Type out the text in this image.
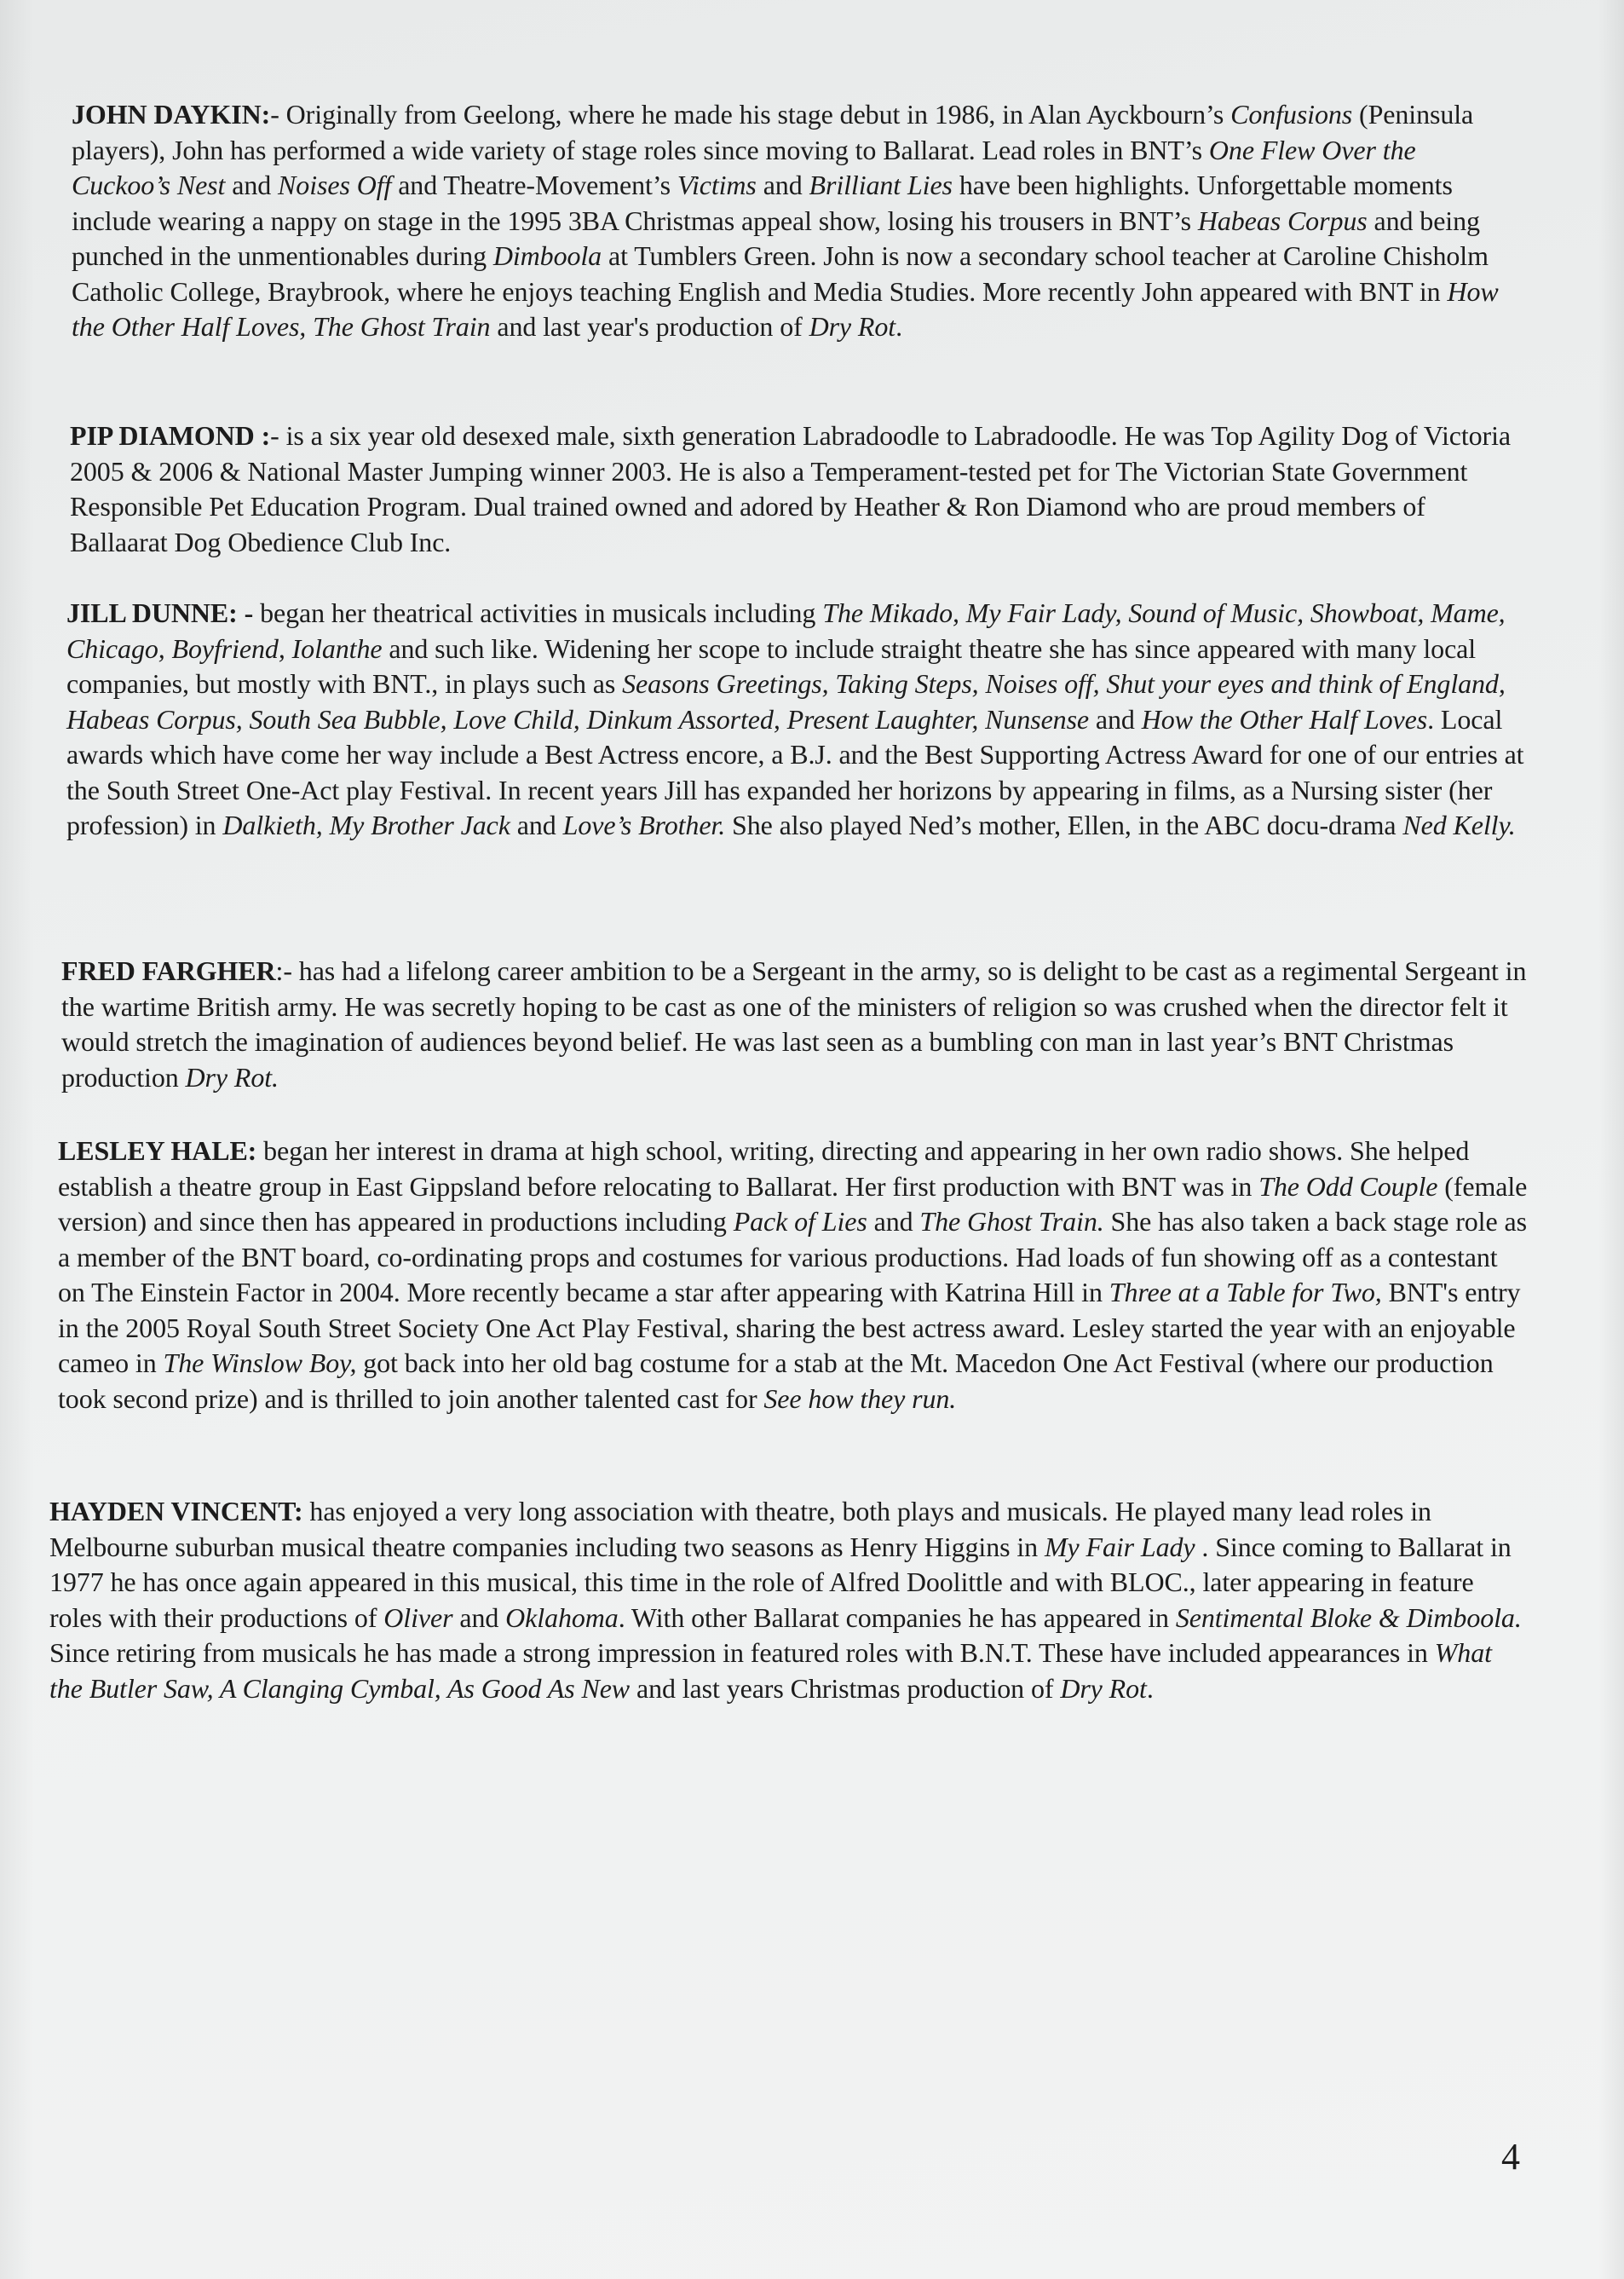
JOHN DAYKIN:- Originally from Geelong, where he made his stage debut in 1986, in Alan Ayckbourn’s Confusions (Peninsula players), John has performed a wide variety of stage roles since moving to Ballarat. Lead roles in BNT’s One Flew Over the Cuckoo’s Nest and Noises Off and Theatre-Movement’s Victims and Brilliant Lies have been highlights. Unforgettable moments include wearing a nappy on stage in the 1995 3BA Christmas appeal show, losing his trousers in BNT’s Habeas Corpus and being punched in the unmentionables during Dimboola at Tumblers Green. John is now a secondary school teacher at Caroline Chisholm Catholic College, Braybrook, where he enjoys teaching English and Media Studies. More recently John appeared with BNT in How the Other Half Loves, The Ghost Train and last year's production of Dry Rot.

PIP DIAMOND :- is a six year old desexed male, sixth generation Labradoodle to Labradoodle. He was Top Agility Dog of Victoria 2005 & 2006 & National Master Jumping winner 2003. He is also a Temperament-tested pet for The Victorian State Government Responsible Pet Education Program. Dual trained owned and adored by Heather & Ron Diamond who are proud members of Ballaarat Dog Obedience Club Inc.

JILL DUNNE: - began her theatrical activities in musicals including The Mikado, My Fair Lady, Sound of Music, Showboat, Mame, Chicago, Boyfriend, Iolanthe and such like. Widening her scope to include straight theatre she has since appeared with many local companies, but mostly with BNT., in plays such as Seasons Greetings, Taking Steps, Noises off, Shut your eyes and think of England, Habeas Corpus, South Sea Bubble, Love Child, Dinkum Assorted, Present Laughter, Nunsense and How the Other Half Loves. Local awards which have come her way include a Best Actress encore, a B.J. and the Best Supporting Actress Award for one of our entries at the South Street One-Act play Festival. In recent years Jill has expanded her horizons by appearing in films, as a Nursing sister (her profession) in Dalkieth, My Brother Jack and Love’s Brother. She also played Ned’s mother, Ellen, in the ABC docu-drama Ned Kelly.

FRED FARGHER:- has had a lifelong career ambition to be a Sergeant in the army, so is delight to be cast as a regimental Sergeant in the wartime British army. He was secretly hoping to be cast as one of the ministers of religion so was crushed when the director felt it would stretch the imagination of audiences beyond belief. He was last seen as a bumbling con man in last year’s BNT Christmas production Dry Rot.

LESLEY HALE: began her interest in drama at high school, writing, directing and appearing in her own radio shows. She helped establish a theatre group in East Gippsland before relocating to Ballarat. Her first production with BNT was in The Odd Couple (female version) and since then has appeared in productions including Pack of Lies and The Ghost Train. She has also taken a back stage role as a member of the BNT board, co-ordinating props and costumes for various productions. Had loads of fun showing off as a contestant on The Einstein Factor in 2004. More recently became a star after appearing with Katrina Hill in Three at a Table for Two, BNT's entry in the 2005 Royal South Street Society One Act Play Festival, sharing the best actress award. Lesley started the year with an enjoyable cameo in The Winslow Boy, got back into her old bag costume for a stab at the Mt. Macedon One Act Festival (where our production took second prize) and is thrilled to join another talented cast for See how they run.

HAYDEN VINCENT: has enjoyed a very long association with theatre, both plays and musicals. He played many lead roles in Melbourne suburban musical theatre companies including two seasons as Henry Higgins in My Fair Lady . Since coming to Ballarat in 1977 he has once again appeared in this musical, this time in the role of Alfred Doolittle and with BLOC., later appearing in feature roles with their productions of Oliver and Oklahoma. With other Ballarat companies he has appeared in Sentimental Bloke & Dimboola. Since retiring from musicals he has made a strong impression in featured roles with B.N.T. These have included appearances in What the Butler Saw, A Clanging Cymbal, As Good As New and last years Christmas production of Dry Rot.

4
